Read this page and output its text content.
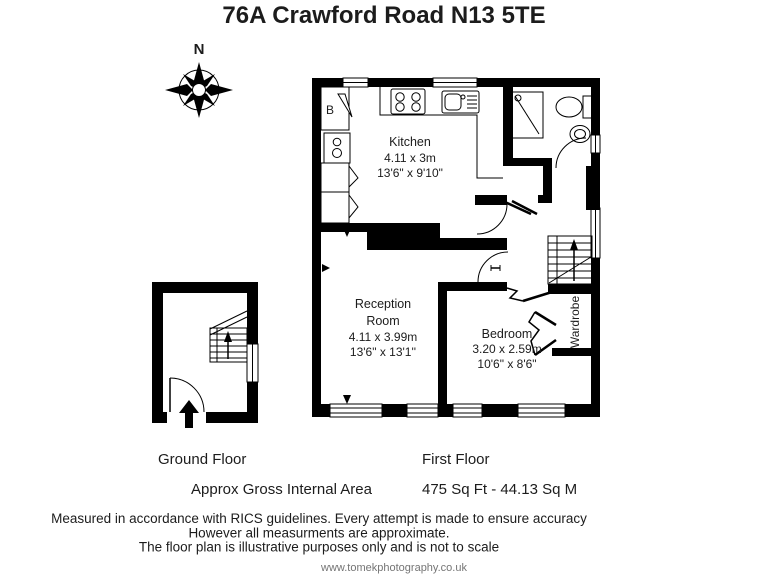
76A Crawford Road N13 5TE
N
Kitchen
4.11 x 3m
13'6" x 9'10"
Reception
Room
4.11 x 3.99m
13'6" x 13'1''
Bedroom
3.20 x 2.59m
10'6" x 8'6"
Wardrobe
B
Ground Floor	First Floor
Approx Gross Internal Area	475 Sq Ft - 44.13 Sq M
Measured in accordance with RICS guidelines. Every attempt is made to ensure accuracy
However all measurments are approximate.
The floor plan is illustrative purposes only and is not to scale
www.tomekphotography.co.uk
